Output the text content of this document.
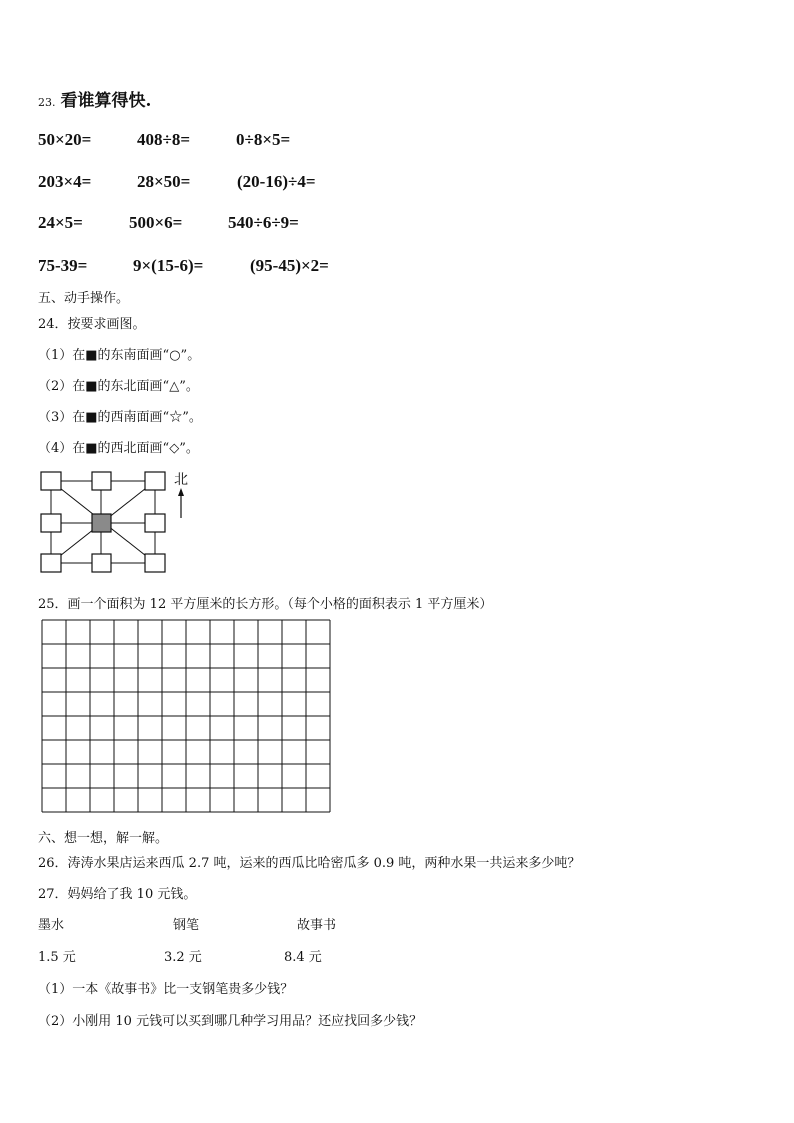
23. 看谁算得快.
50×20=	408÷8=	0÷8×5=
203×4=	28×50=	(20-16)÷4=
24×5=	500×6=	540÷6÷9=
75-39=	9×(15-6)=	(95-45)×2=
五、动手操作。
24．按要求画图。
（1）在■的东南面画“○”。
（2）在■的东北面画“△”。
（3）在■的西南面画“☆”。
（4）在■的西北面画“◇”。
北
25．画一个面积为 12 平方厘米的长方形。（每个小格的面积表示 1 平方厘米）
六、想一想，解一解。
26．涛涛水果店运来西瓜 2.7 吨，运来的西瓜比哈密瓜多 0.9 吨，两种水果一共运来多少吨？
27．妈妈给了我 10 元钱。
墨水	钢笔	故事书
1.5 元	3.2 元	8.4 元
（1）一本《故事书》比一支钢笔贵多少钱？
（2）小刚用 10 元钱可以买到哪几种学习用品？还应找回多少钱？
